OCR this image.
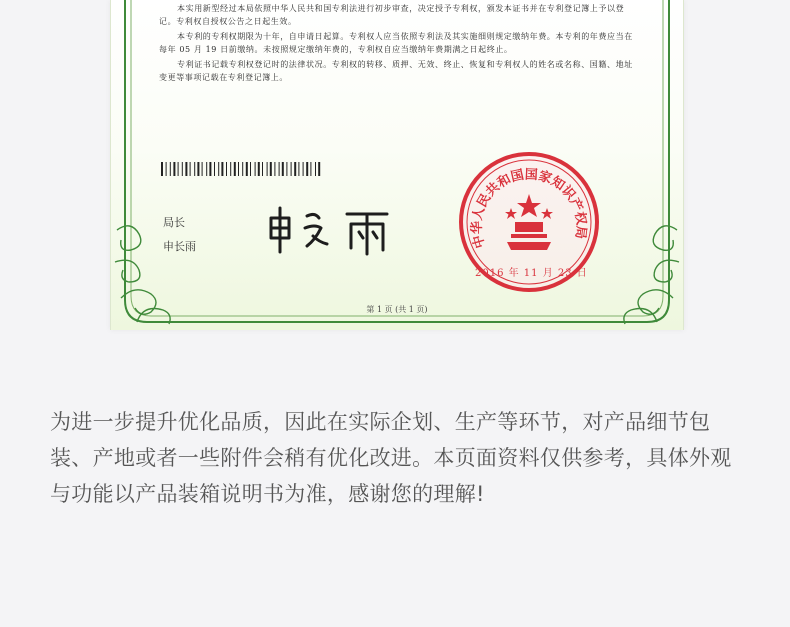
本实用新型经过本局依照中华人民共和国专利法进行初步审查，决定授予专利权，颁发本证书并在专利登记簿上予以登记。专利权自授权公告之日起生效。

本专利的专利权期限为十年，自申请日起算。专利权人应当依照专利法及其实施细则规定缴纳年费。本专利的年费应当在每年 05 月 19 日前缴纳。未按照规定缴纳年费的，专利权自应当缴纳年费期满之日起终止。

专利证书记载专利权登记时的法律状况。专利权的转移、质押、无效、终止、恢复和专利权人的姓名或名称、国籍、地址变更等事项记载在专利登记簿上。

局长
申长雨	中华人民共和国国家知识产权局
2016 年 11 月 23 日
第 1 页 (共 1 页)
为进一步提升优化品质，因此在实际企划、生产等环节，对产品细节包装、产地或者一些附件会稍有优化改进。本页面资料仅供参考，具体外观与功能以产品装箱说明书为准，感谢您的理解!
